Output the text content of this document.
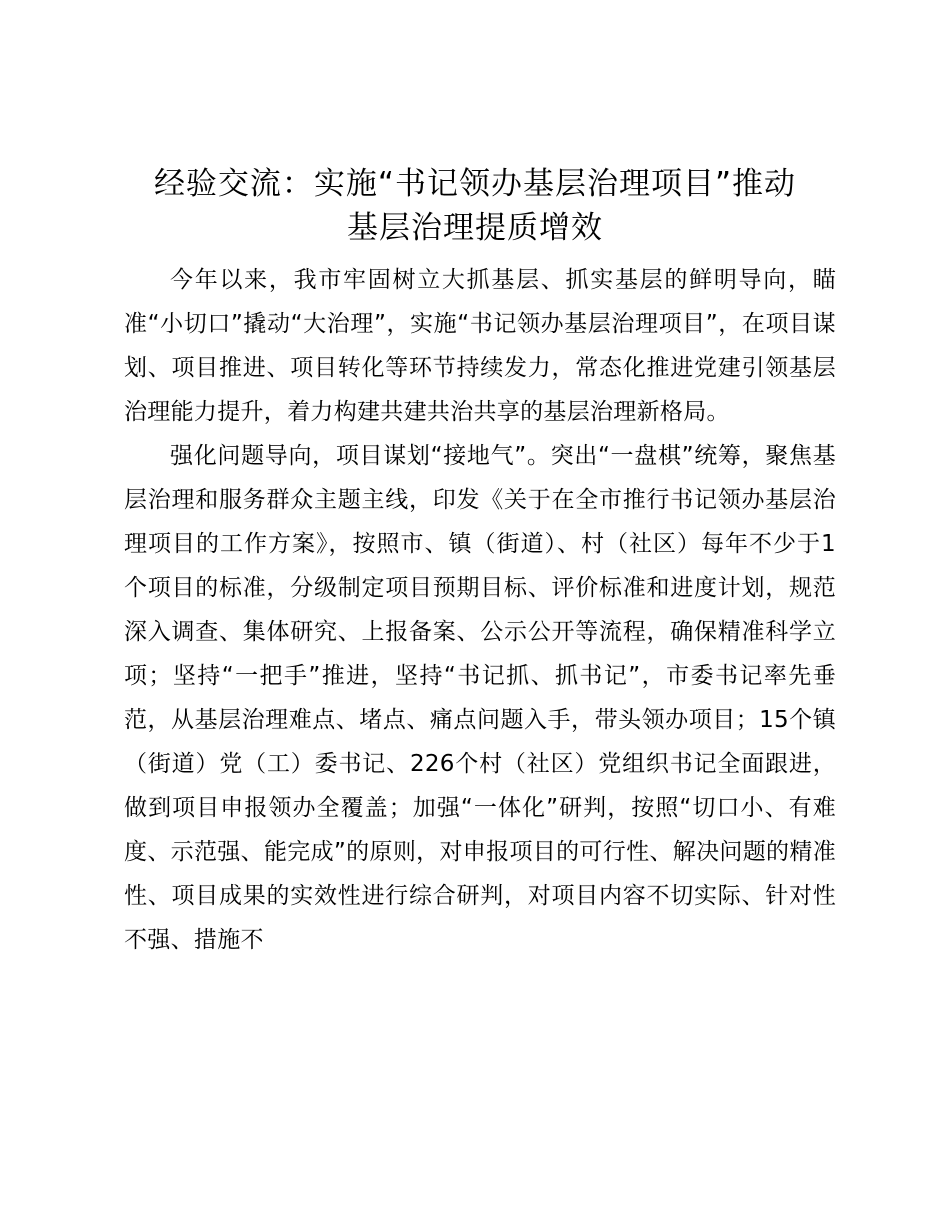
经验交流：实施“书记领办基层治理项目”推动
基层治理提质增效

今年以来，我市牢固树立大抓基层、抓实基层的鲜明导向，瞄准“小切口”撬动“大治理”，实施“书记领办基层治理项目”，在项目谋划、项目推进、项目转化等环节持续发力，常态化推进党建引领基层治理能力提升，着力构建共建共治共享的基层治理新格局。

强化问题导向，项目谋划“接地气”。突出“一盘棋”统筹，聚焦基层治理和服务群众主题主线，印发《关于在全市推行书记领办基层治理项目的工作方案》，按照市、镇（街道）、村（社区）每年不少于1个项目的标准，分级制定项目预期目标、评价标准和进度计划，规范深入调查、集体研究、上报备案、公示公开等流程，确保精准科学立项；坚持“一把手”推进，坚持“书记抓、抓书记”，市委书记率先垂范，从基层治理难点、堵点、痛点问题入手，带头领办项目；15个镇（街道）党（工）委书记、226个村（社区）党组织书记全面跟进，做到项目申报领办全覆盖；加强“一体化”研判，按照“切口小、有难度、示范强、能完成”的原则，对申报项目的可行性、解决问题的精准性、项目成果的实效性进行综合研判，对项目内容不切实际、针对性不强、措施不
